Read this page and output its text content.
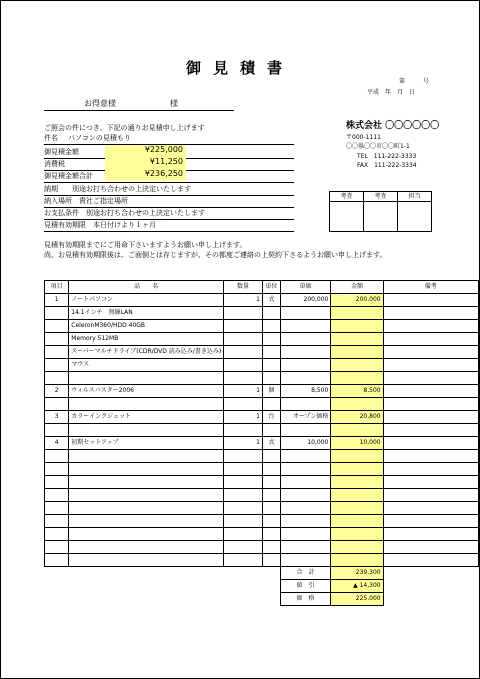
御見積書
第　　　号
平成　年　月　日
お得意様	様
ご照会の件につき、下記の通りお見積申し上げます
件名 パソコンの見積もり
御見積金額	¥225,000
消費税	¥11,250
御見積金額合計	¥236,250
納期　　別途お打ち合わせの上決定いたします
納入場所　貴社ご指定場所
お支払条件　別途お打ち合わせの上決定いたします
見積有効期限　本日付けより１ヶ月
株式会社 〇〇〇〇〇〇
〒000-1111
〇〇県〇〇市〇〇町1-1
TEL　111-222-3333
FAX　111-222-3334
考査	考査	担当

見積有効期限までにご用命下さいますようお願い申し上げます。
尚、お見積有効期限後は、ご面倒とは存じますが、その都度ご連絡の上契約下さるようお願い申し上げます。
項目	品　　名	数量	単位	単価	金額	備考
1	ノートパソコン	1	式	200,000	200,000	
	14.1インチ　無線LAN					
	CeleronM360/HDD 40GB					
	Memory 512MB					
	スーパーマルチドライブ(CDR/DVD 読み込み/書き込み)					
	マウス					

2	ウィルスバスター2006	1	個	8,500	8,500	

3	カラーインクジェット	1	台	オープン価格	20,800	

4	初期セットアップ	1	式	10,000	10,000	

				合　計	239,300	
				値　引	▲ 14,300	
				価　格	225,000	
